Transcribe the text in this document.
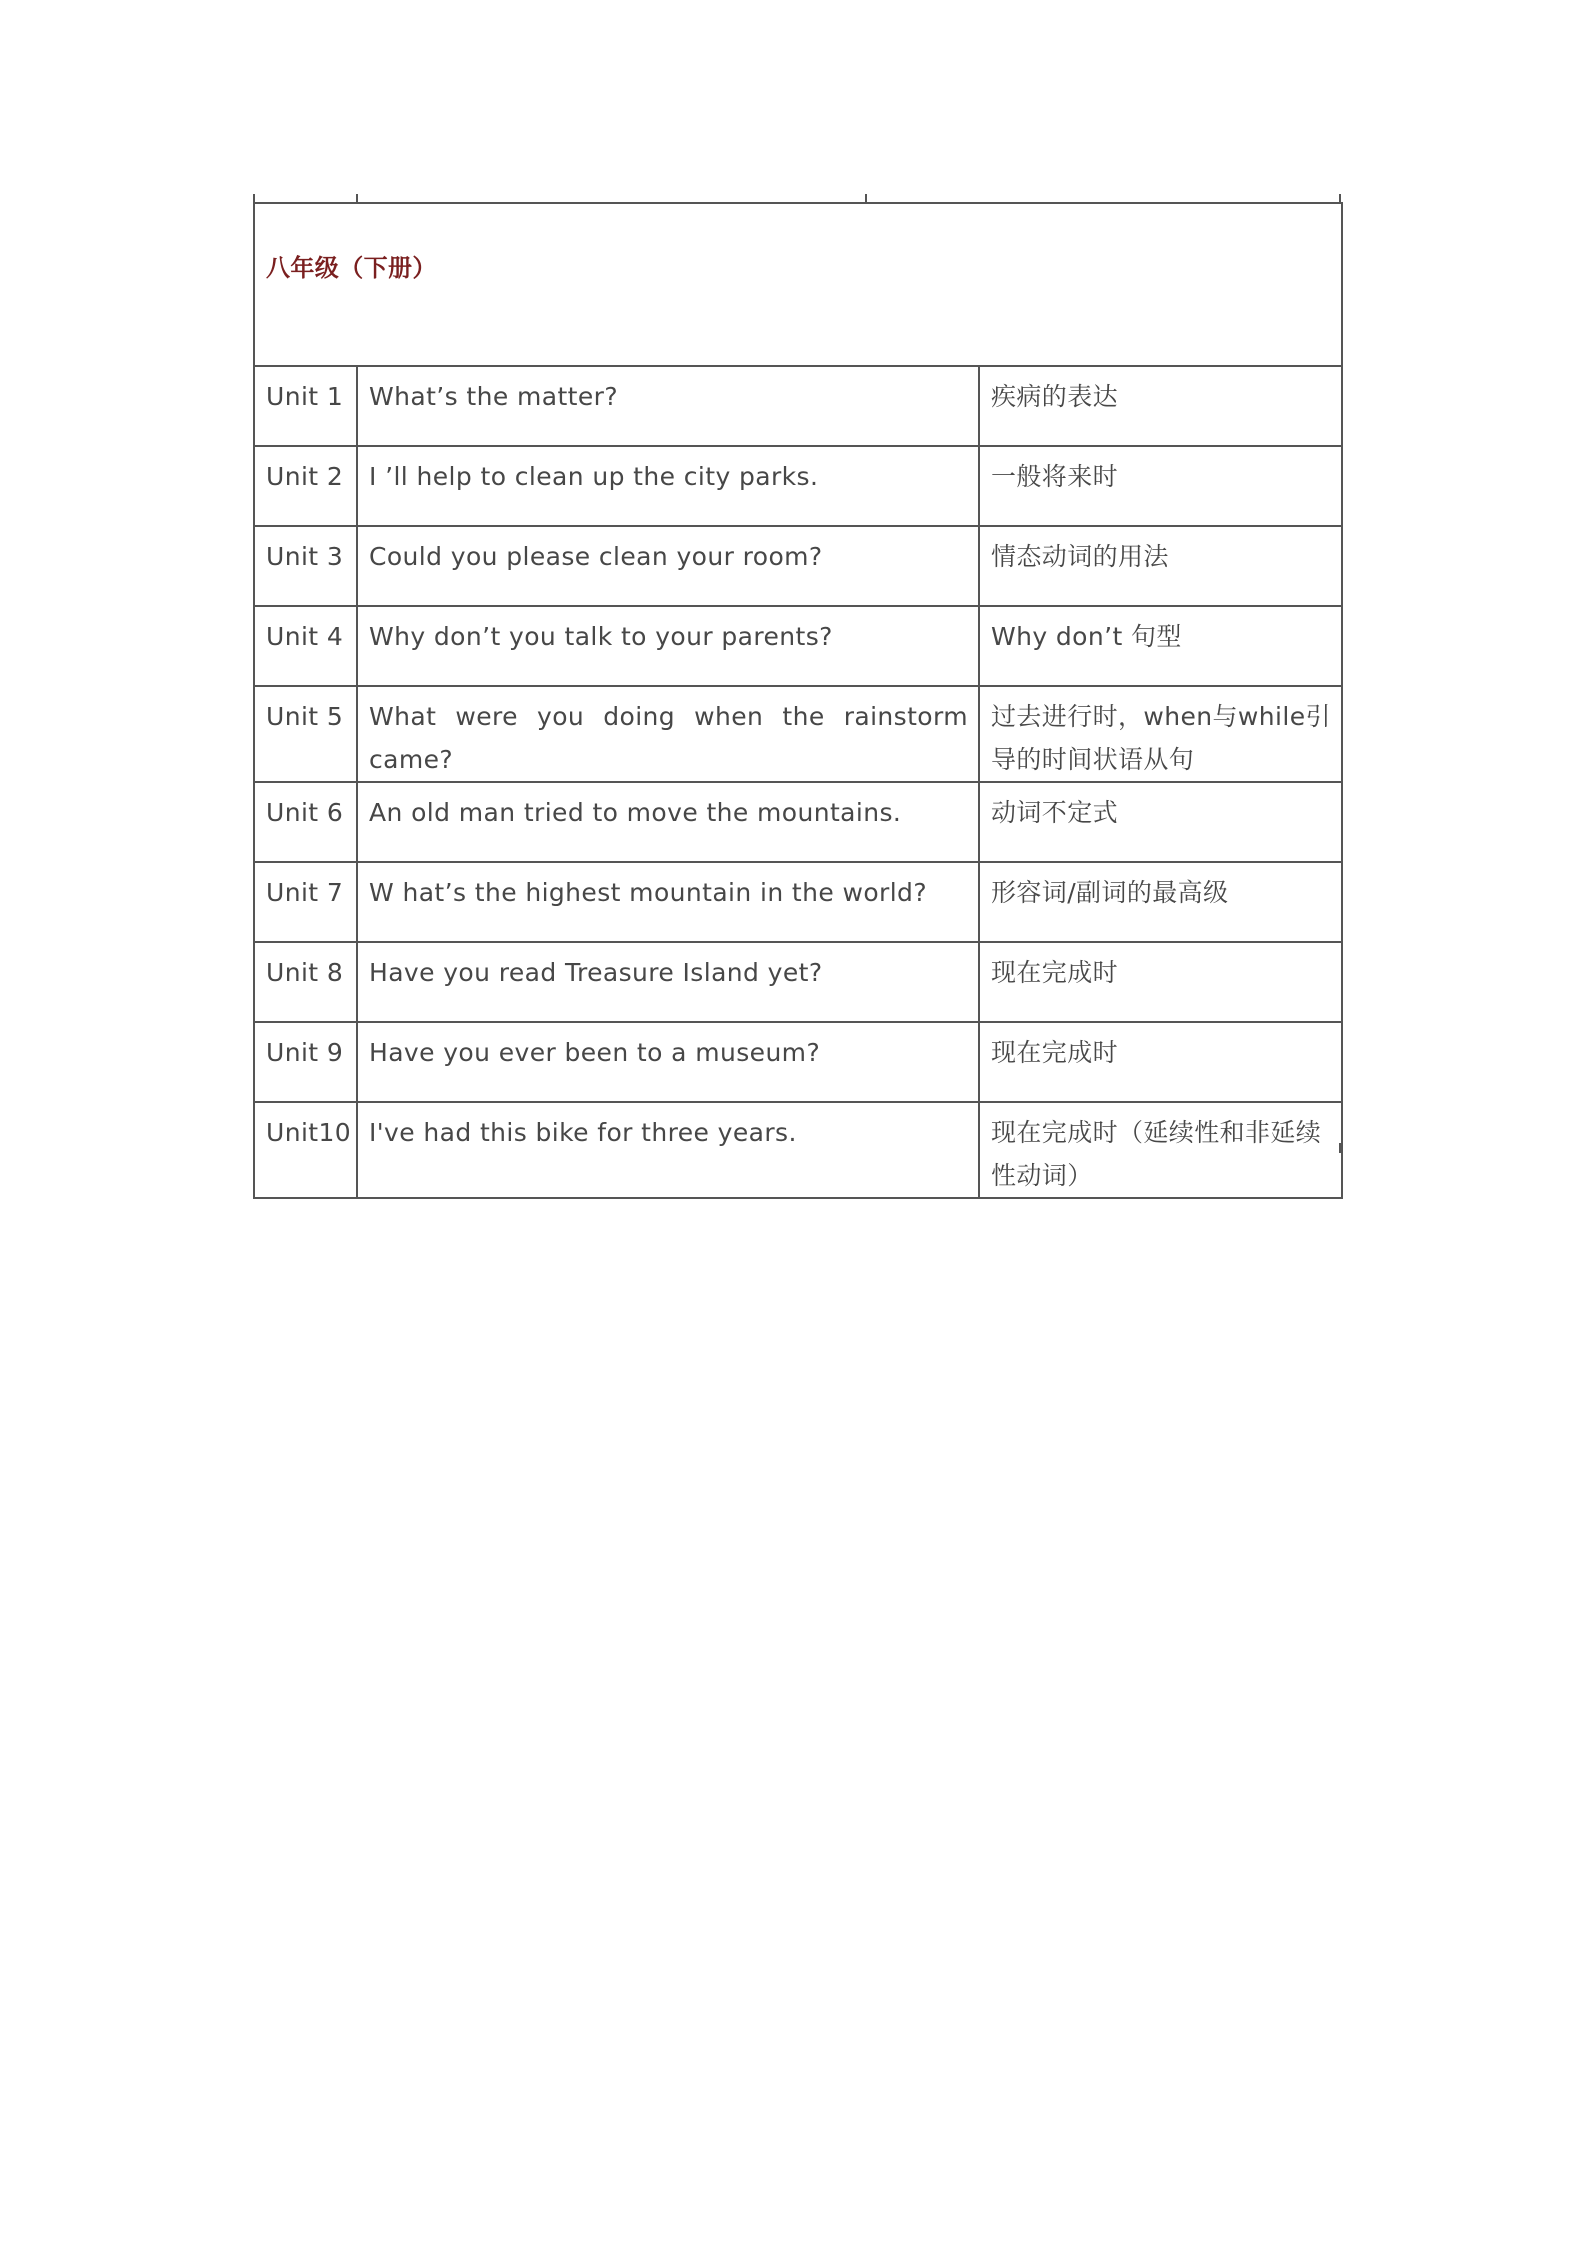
八年级（下册）		
Unit 1	What’s the matter?	疾病的表达
Unit 2	I ’ll help to clean up the city parks.	一般将来时
Unit 3	Could you please clean your room?	情态动词的用法
Unit 4	Why don’t you talk to your parents?	Why don’t 句型
Unit 5	What were you doing when the rainstorm came?	过去进行时，when与while引导的时间状语从句
Unit 6	An old man tried to move the mountains.	动词不定式
Unit 7	W hat’s the highest mountain in the world?	形容词/副词的最高级
Unit 8	Have you read Treasure Island yet?	现在完成时
Unit 9	Have you ever been to a museum?	现在完成时
Unit10	I've had this bike for three years.	现在完成时（延续性和非延续性动词）
